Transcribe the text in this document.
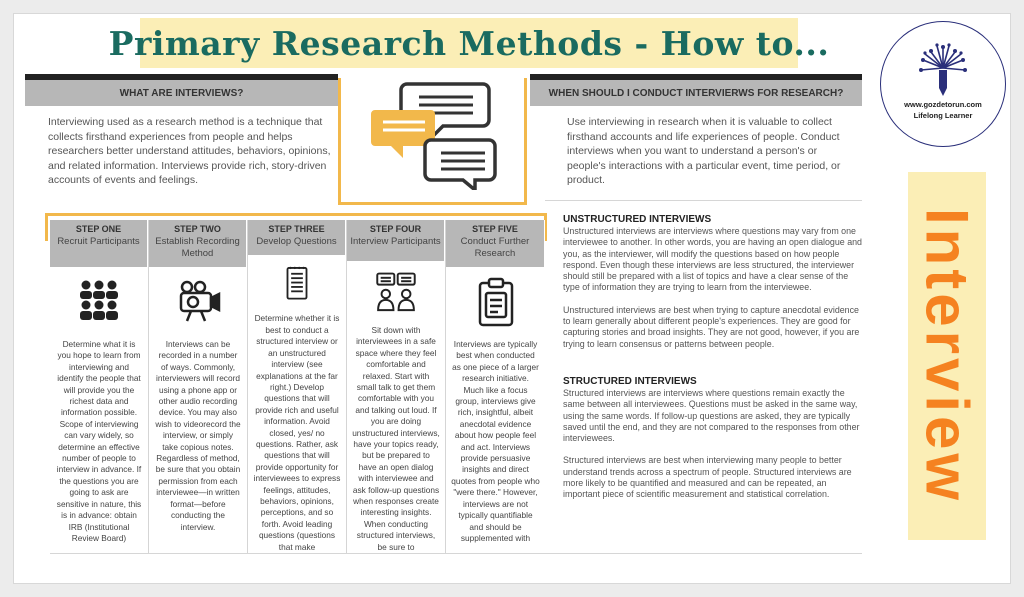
Primary Research Methods - How to...
WHAT ARE INTERVIEWS?
Interviewing used as a research method is a technique that collects firsthand experiences from people and helps researchers better understand attitudes, behaviors, opinions, and related information. Interviews provide rich, story-driven accounts of events and feelings.
WHEN SHOULD I CONDUCT INTERVIERWS FOR RESEARCH?
Use interviewing in research when it is valuable to collect firsthand accounts and life experiences of people. Conduct interviews when you want to understand a person's or people's interactions with a particular event, time period, or product.
STEP ONE
Recruit Participants
Determine what it is you hope to learn from interviewing and identify the people that will provide you the richest data and information possible. Scope of interviewing can vary widely, so determine an effective number of people to interview in advance. If the questions you are going to ask are sensitive in nature, this is in advance: obtain IRB (Institutional Review Board)
STEP TWO
Establish Recording Method
Interviews can be recorded in a number of ways. Commonly, interviewers will record using a phone app or other audio recording device. You may also wish to videorecord the interview, or simply take copious notes. Regardless of method, be sure that you obtain permission from each interviewee—in written format—before conducting the interview.
STEP THREE
Develop Questions
Determine whether it is best to conduct a structured interview or an unstructured interview (see explanations at the far right.) Develop questions that will provide rich and useful information. Avoid closed, yes/ no questions. Rather, ask questions that will provide opportunity for interviewees to express feelings, attitudes, behaviors, opinions, perceptions, and so forth. Avoid leading questions (questions that make
STEP FOUR
Interview Participants
Sit down with interviewees in a safe space where they feel comfortable and relaxed. Start with small talk to get them comfortable with you and talking out loud. If you are doing unstructured interviews, have your topics ready, but be prepared to have an open dialog with interviewee and ask follow-up questions when responses create interesting insights. When conducting structured interviews, be sure to
STEP FIVE
Conduct Further Research
Interviews are typically best when conducted as one piece of a larger research initiative. Much like a focus group, interviews give rich, insightful, albeit anecdotal evidence about how people feel and act. Interviews provide persuasive insights and direct quotes from people who "were there." However, interviews are not typically quantifiable and should be supplemented with
UNSTRUCTURED INTERVIEWS

Unstructured interviews are interviews where questions may vary from one interviewee to another. In other words, you are having an open dialogue and you, as the interviewer, will modify the questions based on how people respond. Even though these interviews are less structured, the interviewer should still be prepared with a list of topics and have a clear sense of the type of information they are trying to learn from the interviewee.

Unstructured interviews are best when trying to capture anecdotal evidence to learn generally about different people's experiences. They are good for capturing stories and broad insights. They are not good, however, if you are trying to learn consensus or patterns between people.

STRUCTURED INTERVIEWS

Structured interviews are interviews where questions remain exactly the same between all interviewees. Questions must be asked in the same way, using the same words. If follow-up questions are asked, they are typically saved until the end, and they are not compared to the responses from other interviewees.

Structured interviews are best when interviewing many people to better understand trends across a spectrum of people. Structured interviews are more likely to be quantified and measured and can be repeated, an important piece of scientific measurement and statistical correlation.

www.gozdetorun.com
Lifelong Learner
Interview
